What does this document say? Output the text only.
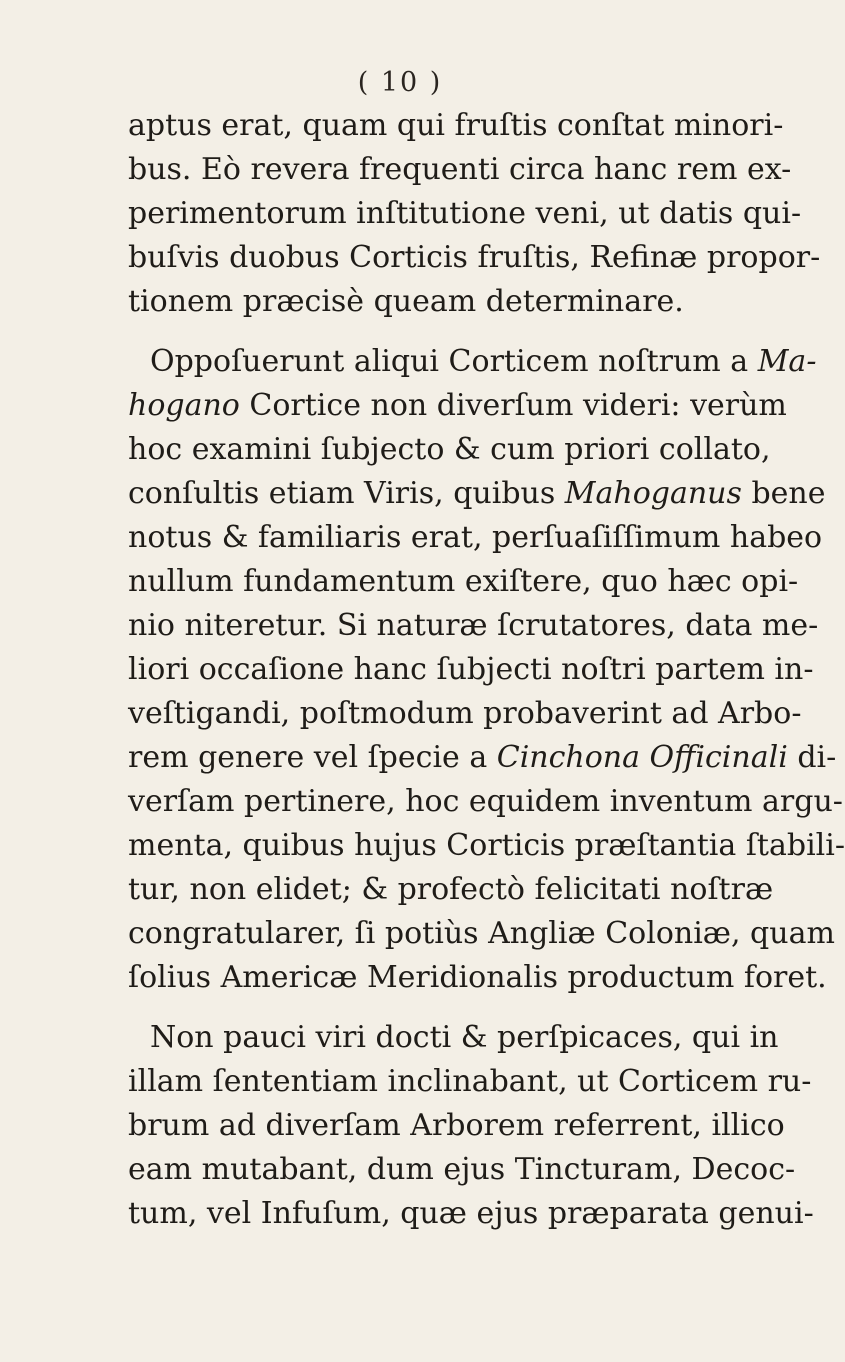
( 10 )
aptus erat, quam qui fruſtis conſtat minori-
bus. Eò revera frequenti circa hanc rem ex-
perimentorum inſtitutione veni, ut datis qui-
buſvis duobus Corticis fruſtis, Refinæ propor-
tionem præcisè queam determinare.
Oppoſuerunt aliqui Corticem noſtrum a Ma-
hogano Cortice non diverſum videri: verùm
hoc examini ſubjecto & cum priori collato,
conſultis etiam Viris, quibus Mahoganus bene
notus & familiaris erat, perſuaſiſſimum habeo
nullum fundamentum exiſtere, quo hæc opi-
nio niteretur. Si naturæ ſcrutatores, data me-
liori occaſione hanc ſubjecti noſtri partem in-
veſtigandi, poſtmodum probaverint ad Arbo-
rem genere vel ſpecie a Cinchona Officinali di-
verſam pertinere, hoc equidem inventum argu-
menta, quibus hujus Corticis præſtantia ſtabili-
tur, non elidet; & profectò felicitati noſtræ
congratularer, ſi potiùs Angliæ Coloniæ, quam
ſolius Americæ Meridionalis productum foret.
Non pauci viri docti & perſpicaces, qui in
illam ſententiam inclinabant, ut Corticem ru-
brum ad diverſam Arborem referrent, illico
eam mutabant, dum ejus Tincturam, Decoc-
tum, vel Infuſum, quæ ejus præparata genui-
